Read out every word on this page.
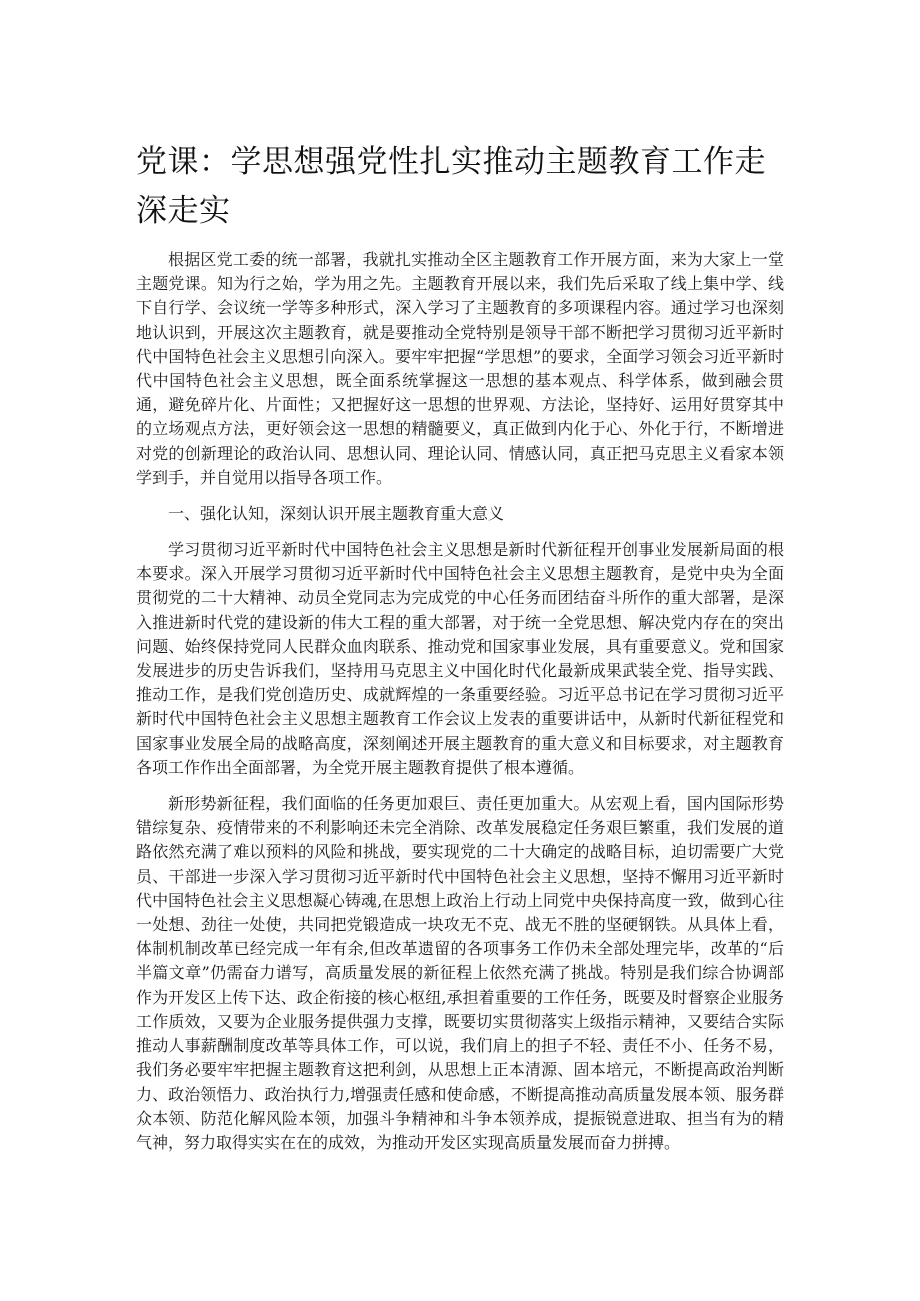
党课：学思想强党性扎实推动主题教育工作走深走实

根据区党工委的统一部署，我就扎实推动全区主题教育工作开展方面，来为大家上一堂主题党课。知为行之始，学为用之先。主题教育开展以来，我们先后采取了线上集中学、线下自行学、会议统一学等多种形式，深入学习了主题教育的多项课程内容。通过学习也深刻地认识到，开展这次主题教育，就是要推动全党特别是领导干部不断把学习贯彻习近平新时代中国特色社会主义思想引向深入。要牢牢把握“学思想”的要求，全面学习领会习近平新时代中国特色社会主义思想，既全面系统掌握这一思想的基本观点、科学体系，做到融会贯通，避免碎片化、片面性；又把握好这一思想的世界观、方法论，坚持好、运用好贯穿其中的立场观点方法，更好领会这一思想的精髓要义，真正做到内化于心、外化于行，不断增进对党的创新理论的政治认同、思想认同、理论认同、情感认同，真正把马克思主义看家本领学到手，并自觉用以指导各项工作。

一、强化认知，深刻认识开展主题教育重大意义

学习贯彻习近平新时代中国特色社会主义思想是新时代新征程开创事业发展新局面的根本要求。深入开展学习贯彻习近平新时代中国特色社会主义思想主题教育，是党中央为全面贯彻党的二十大精神、动员全党同志为完成党的中心任务而团结奋斗所作的重大部署，是深入推进新时代党的建设新的伟大工程的重大部署，对于统一全党思想、解决党内存在的突出问题、始终保持党同人民群众血肉联系、推动党和国家事业发展，具有重要意义。党和国家发展进步的历史告诉我们，坚持用马克思主义中国化时代化最新成果武装全党、指导实践、推动工作，是我们党创造历史、成就辉煌的一条重要经验。习近平总书记在学习贯彻习近平新时代中国特色社会主义思想主题教育工作会议上发表的重要讲话中，从新时代新征程党和国家事业发展全局的战略高度，深刻阐述开展主题教育的重大意义和目标要求，对主题教育各项工作作出全面部署，为全党开展主题教育提供了根本遵循。

新形势新征程，我们面临的任务更加艰巨、责任更加重大。从宏观上看，国内国际形势错综复杂、疫情带来的不利影响还未完全消除、改革发展稳定任务艰巨繁重，我们发展的道路依然充满了难以预料的风险和挑战，要实现党的二十大确定的战略目标，迫切需要广大党员、干部进一步深入学习贯彻习近平新时代中国特色社会主义思想，坚持不懈用习近平新时代中国特色社会主义思想凝心铸魂,在思想上政治上行动上同党中央保持高度一致，做到心往一处想、劲往一处使，共同把党锻造成一块攻无不克、战无不胜的坚硬钢铁。从具体上看，体制机制改革已经完成一年有余,但改革遗留的各项事务工作仍未全部处理完毕，改革的“后半篇文章”仍需奋力谱写，高质量发展的新征程上依然充满了挑战。特别是我们综合协调部作为开发区上传下达、政企衔接的核心枢纽,承担着重要的工作任务，既要及时督察企业服务工作质效，又要为企业服务提供强力支撑，既要切实贯彻落实上级指示精神，又要结合实际推动人事薪酬制度改革等具体工作，可以说，我们肩上的担子不轻、责任不小、任务不易，我们务必要牢牢把握主题教育这把利剑，从思想上正本清源、固本培元，不断提高政治判断力、政治领悟力、政治执行力,增强责任感和使命感，不断提高推动高质量发展本领、服务群众本领、防范化解风险本领，加强斗争精神和斗争本领养成，提振锐意进取、担当有为的精气神，努力取得实实在在的成效，为推动开发区实现高质量发展而奋力拼搏。
